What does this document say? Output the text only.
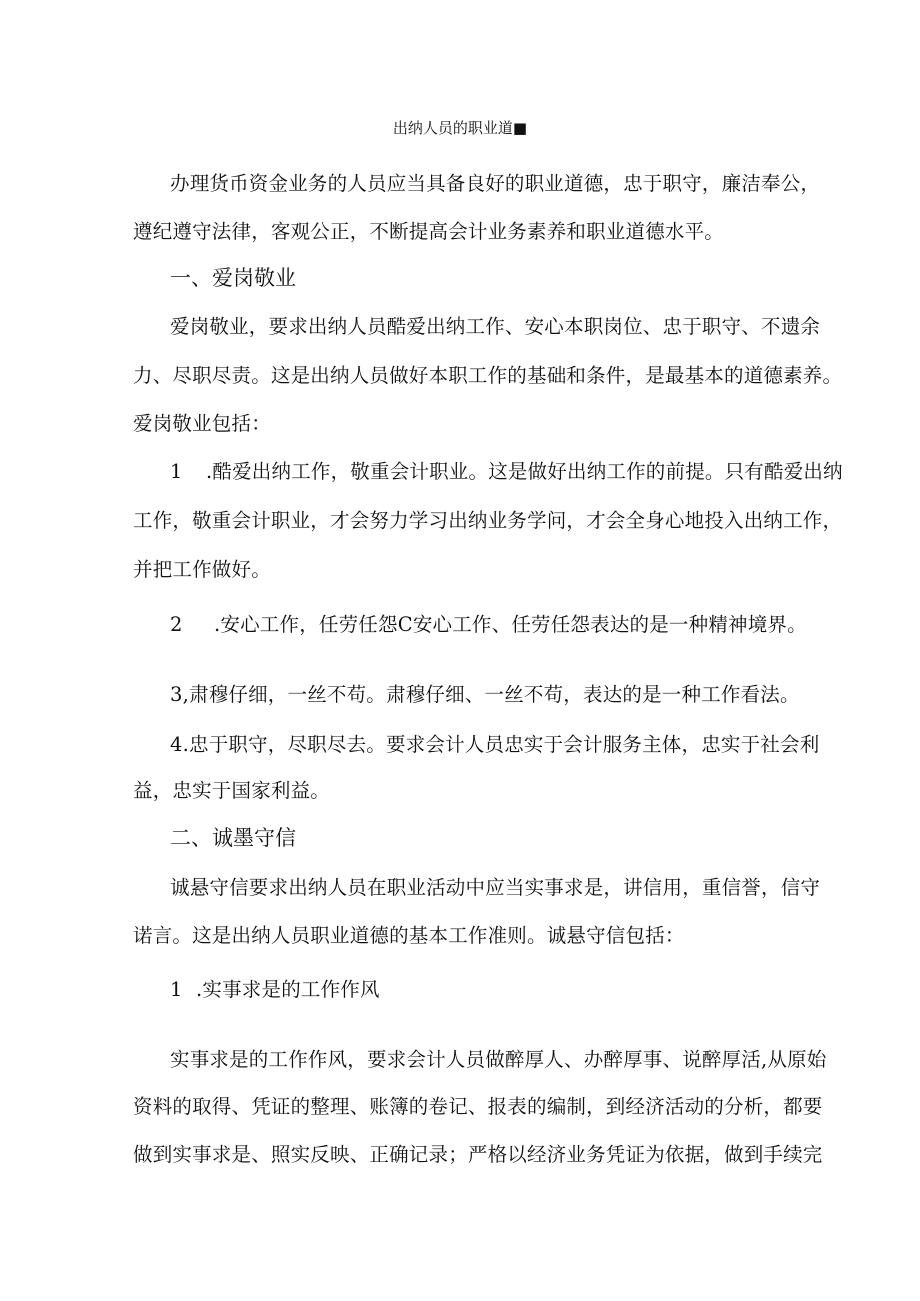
出纳人员的职业道■
办理货币资金业务的人员应当具备良好的职业道德，忠于职守，廉洁奉公，
遵纪遵守法律，客观公正，不断提高会计业务素养和职业道德水平。
一、爱岗敬业
爱岗敬业，要求出纳人员酷爱出纳工作、安心本职岗位、忠于职守、不遗余
力、尽职尽责。这是出纳人员做好本职工作的基础和条件，是最基本的道德素养。
爱岗敬业包括：
1 .酷爱出纳工作，敬重会计职业。这是做好出纳工作的前提。只有酷爱出纳
工作，敬重会计职业，才会努力学习出纳业务学问，才会全身心地投入出纳工作，
并把工作做好。
2 .安心工作，任劳任怨C安心工作、任劳任怨表达的是一种精神境界。
3,肃穆仔细，一丝不苟。肃穆仔细、一丝不苟，表达的是一种工作看法。
4.忠于职守，尽职尽去。要求会计人员忠实于会计服务主体，忠实于社会利
益，忠实于国家利益。
二、诚墨守信
诚悬守信要求出纳人员在职业活动中应当实事求是，讲信用，重信誉，信守
诺言。这是出纳人员职业道德的基本工作准则。诚悬守信包括：
1 .实事求是的工作作风
实事求是的工作作风，要求会计人员做醉厚人、办醉厚事、说醉厚活,从原始
资料的取得、凭证的整理、账簿的卷记、报表的编制，到经济活动的分析，都要
做到实事求是、照实反映、正确记录；严格以经济业务凭证为依据，做到手续完
